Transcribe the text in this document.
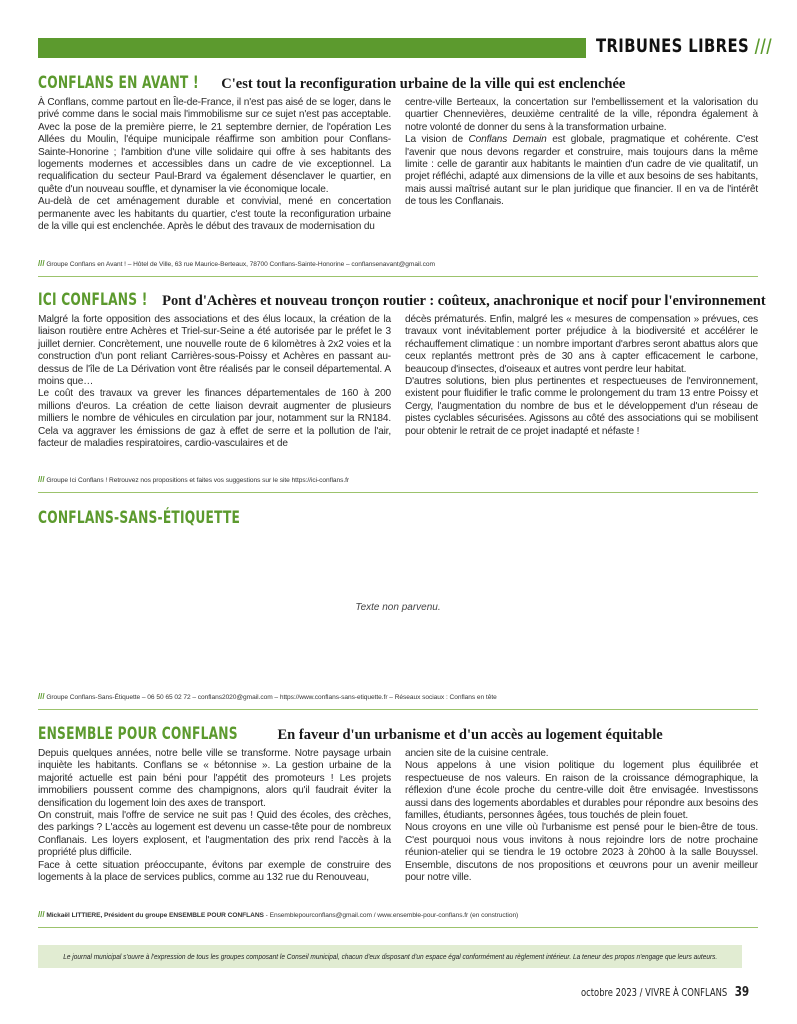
TRIBUNES LIBRES ///
CONFLANS EN AVANT ! C'est tout la reconfiguration urbaine de la ville qui est enclenchée

À Conflans, comme partout en Île-de-France, il n'est pas aisé de se loger, dans le privé comme dans le social mais l'immobilisme sur ce sujet n'est pas acceptable. Avec la pose de la première pierre, le 21 septembre dernier, de l'opération Les Allées du Moulin, l'équipe municipale réaffirme son ambition pour Conflans-Sainte-Honorine ; l'ambition d'une ville solidaire qui offre à ses habitants des logements modernes et accessibles dans un cadre de vie exceptionnel. La requalification du secteur Paul-Brard va également désenclaver le quartier, en quête d'un nouveau souffle, et dynamiser la vie économique locale.

Au-delà de cet aménagement durable et convivial, mené en concertation permanente avec les habitants du quartier, c'est toute la reconfiguration urbaine de la ville qui est enclenchée. Après le début des travaux de modernisation du

centre-ville Berteaux, la concertation sur l'embellissement et la valorisation du quartier Chennevières, deuxième centralité de la ville, répondra également à notre volonté de donner du sens à la transformation urbaine.

La vision de Conflans Demain est globale, pragmatique et cohérente. C'est l'avenir que nous devons regarder et construire, mais toujours dans la même limite : celle de garantir aux habitants le maintien d'un cadre de vie qualitatif, un projet réfléchi, adapté aux dimensions de la ville et aux besoins de ses habitants, mais aussi maîtrisé autant sur le plan juridique que financier. Il en va de l'intérêt de tous les Conflanais.

/// Groupe Conflans en Avant ! – Hôtel de Ville, 63 rue Maurice-Berteaux, 78700 Conflans-Sainte-Honorine – conflansenavant@gmail.com
ICI CONFLANS ! Pont d'Achères et nouveau tronçon routier : coûteux, anachronique et nocif pour l'environnement

Malgré la forte opposition des associations et des élus locaux, la création de la liaison routière entre Achères et Triel-sur-Seine a été autorisée par le préfet le 3 juillet dernier. Concrètement, une nouvelle route de 6 kilomètres à 2x2 voies et la construction d'un pont reliant Carrières-sous-Poissy et Achères en passant au-dessus de l'île de La Dérivation vont être réalisés par le conseil départemental. A moins que…

Le coût des travaux va grever les finances départementales de 160 à 200 millions d'euros. La création de cette liaison devrait augmenter de plusieurs milliers le nombre de véhicules en circulation par jour, notamment sur la RN184. Cela va aggraver les émissions de gaz à effet de serre et la pollution de l'air, facteur de maladies respiratoires, cardio-vasculaires et de

décès prématurés. Enfin, malgré les « mesures de compensation » prévues, ces travaux vont inévitablement porter préjudice à la biodiversité et accélérer le réchauffement climatique : un nombre important d'arbres seront abattus alors que ceux replantés mettront près de 30 ans à capter efficacement le carbone, beaucoup d'insectes, d'oiseaux et autres vont perdre leur habitat.

D'autres solutions, bien plus pertinentes et respectueuses de l'environnement, existent pour fluidifier le trafic comme le prolongement du tram 13 entre Poissy et Cergy, l'augmentation du nombre de bus et le développement d'un réseau de pistes cyclables sécurisées. Agissons au côté des associations qui se mobilisent pour obtenir le retrait de ce projet inadapté et néfaste !

/// Groupe Ici Conflans ! Retrouvez nos propositions et faites vos suggestions sur le site https://ici-conflans.fr
CONFLANS-SANS-ÉTIQUETTE
Texte non parvenu.
/// Groupe Conflans-Sans-Étiquette – 06 50 65 02 72 – conflans2020@gmail.com – https://www.conflans-sans-etiquette.fr – Réseaux sociaux : Conflans en tête
ENSEMBLE POUR CONFLANS	En faveur d'un urbanisme et d'un accès au logement équitable

Depuis quelques années, notre belle ville se transforme. Notre paysage urbain inquiète les habitants. Conflans se « bétonnise ». La gestion urbaine de la majorité actuelle est pain béni pour l'appétit des promoteurs ! Les projets immobiliers poussent comme des champignons, alors qu'il faudrait éviter la densification du logement loin des axes de transport.

On construit, mais l'offre de service ne suit pas ! Quid des écoles, des crèches, des parkings ? L'accès au logement est devenu un casse-tête pour de nombreux Conflanais. Les loyers explosent, et l'augmentation des prix rend l'accès à la propriété plus difficile.

Face à cette situation préoccupante, évitons par exemple de construire des logements à la place de services publics, comme au 132 rue du Renouveau,

ancien site de la cuisine centrale.

Nous appelons à une vision politique du logement plus équilibrée et respectueuse de nos valeurs. En raison de la croissance démographique, la réflexion d'une école proche du centre-ville doit être envisagée. Investissons aussi dans des logements abordables et durables pour répondre aux besoins des familles, étudiants, personnes âgées, tous touchés de plein fouet.

Nous croyons en une ville où l'urbanisme est pensé pour le bien-être de tous. C'est pourquoi nous vous invitons à nous rejoindre lors de notre prochaine réunion-atelier qui se tiendra le 19 octobre 2023 à 20h00 à la salle Bouyssel. Ensemble, discutons de nos propositions et œuvrons pour un avenir meilleur pour notre ville.

/// Mickaël LITTIERE, Président du groupe ENSEMBLE POUR CONFLANS - Ensemblepourconflans@gmail.com / www.ensemble-pour-conflans.fr (en construction)
Le journal municipal s'ouvre à l'expression de tous les groupes composant le Conseil municipal, chacun d'eux disposant d'un espace égal conformément au règlement intérieur. La teneur des propos n'engage que leurs auteurs.
octobre 2023 / VIVRE À CONFLANS 39
